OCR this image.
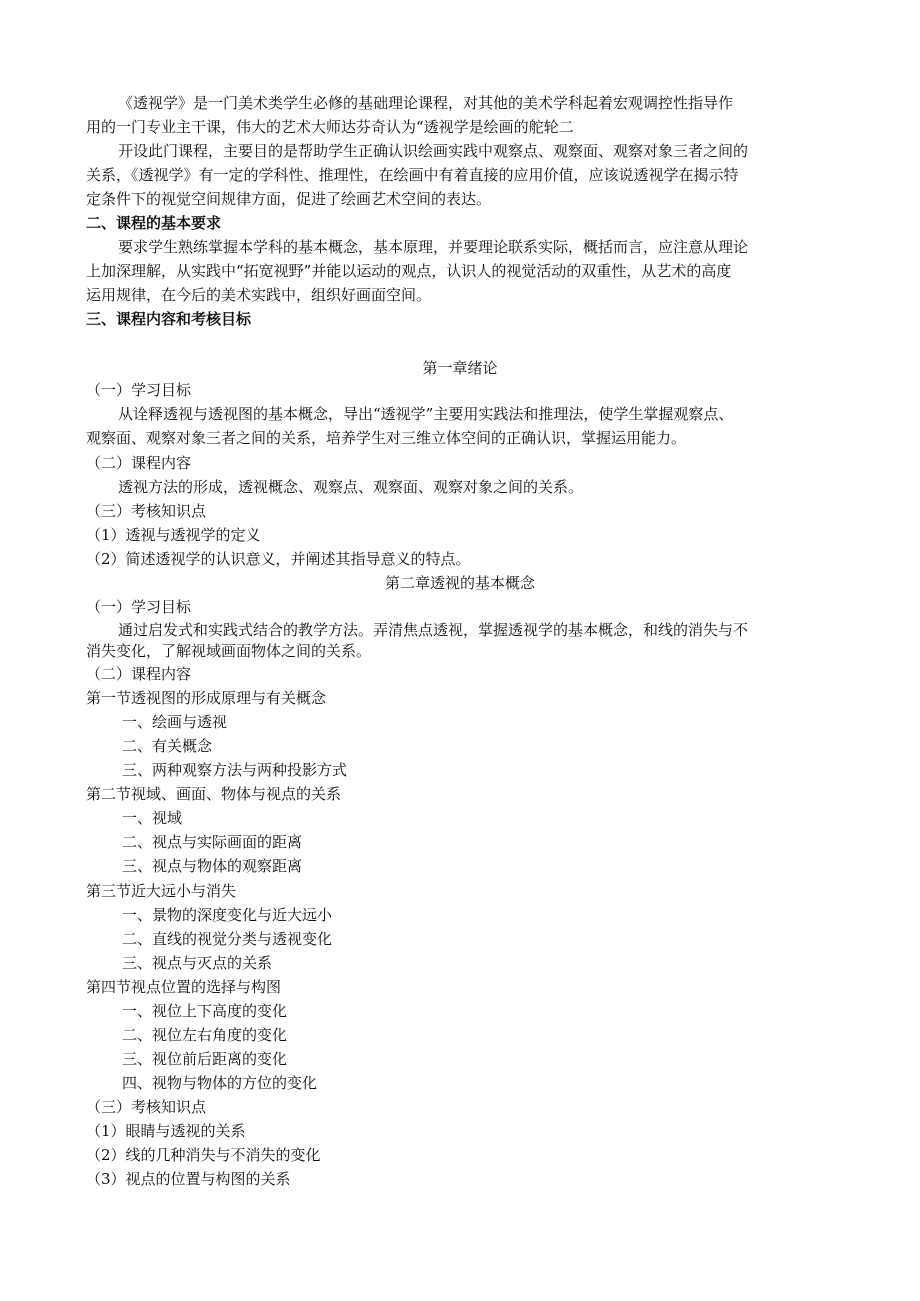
《透视学》是一门美术类学生必修的基础理论课程，对其他的美术学科起着宏观调控性指导作

用的一门专业主干课，伟大的艺术大师达芬奇认为“透视学是绘画的舵轮二

开设此门课程，主要目的是帮助学生正确认识绘画实践中观察点、观察面、观察对象三者之间的

关系，《透视学》有一定的学科性、推理性，在绘画中有着直接的应用价值，应该说透视学在揭示特

定条件下的视觉空间规律方面，促进了绘画艺术空间的表达。

二、课程的基本要求

要求学生熟练掌握本学科的基本概念，基本原理，并要理论联系实际，概括而言，应注意从理论

上加深理解，从实践中“拓宽视野”并能以运动的观点，认识人的视觉活动的双重性，从艺术的高度

运用规律，在今后的美术实践中，组织好画面空间。

三、课程内容和考核目标

第一章绪论

（一）学习目标

从诠释透视与透视图的基本概念，导出“透视学”主要用实践法和推理法，使学生掌握观察点、

观察面、观察对象三者之间的关系，培养学生对三维立体空间的正确认识，掌握运用能力。

（二）课程内容

透视方法的形成，透视概念、观察点、观察面、观察对象之间的关系。

（三）考核知识点

（1）透视与透视学的定义

（2）简述透视学的认识意义，并阐述其指导意义的特点。

第二章透视的基本概念

（一）学习目标

通过启发式和实践式结合的教学方法。弄清焦点透视，掌握透视学的基本概念，和线的消失与不

消失变化，了解视域画面物体之间的关系。

（二）课程内容

第一节透视图的形成原理与有关概念

一、绘画与透视

二、有关概念

三、两种观察方法与两种投影方式

第二节视域、画面、物体与视点的关系

一、视域

二、视点与实际画面的距离

三、视点与物体的观察距离

第三节近大远小与消失

一、景物的深度变化与近大远小

二、直线的视觉分类与透视变化

三、视点与灭点的关系

第四节视点位置的选择与构图

一、视位上下高度的变化

二、视位左右角度的变化

三、视位前后距离的变化

四、视物与物体的方位的变化

（三）考核知识点

（1）眼睛与透视的关系

（2）线的几种消失与不消失的变化

（3）视点的位置与构图的关系
